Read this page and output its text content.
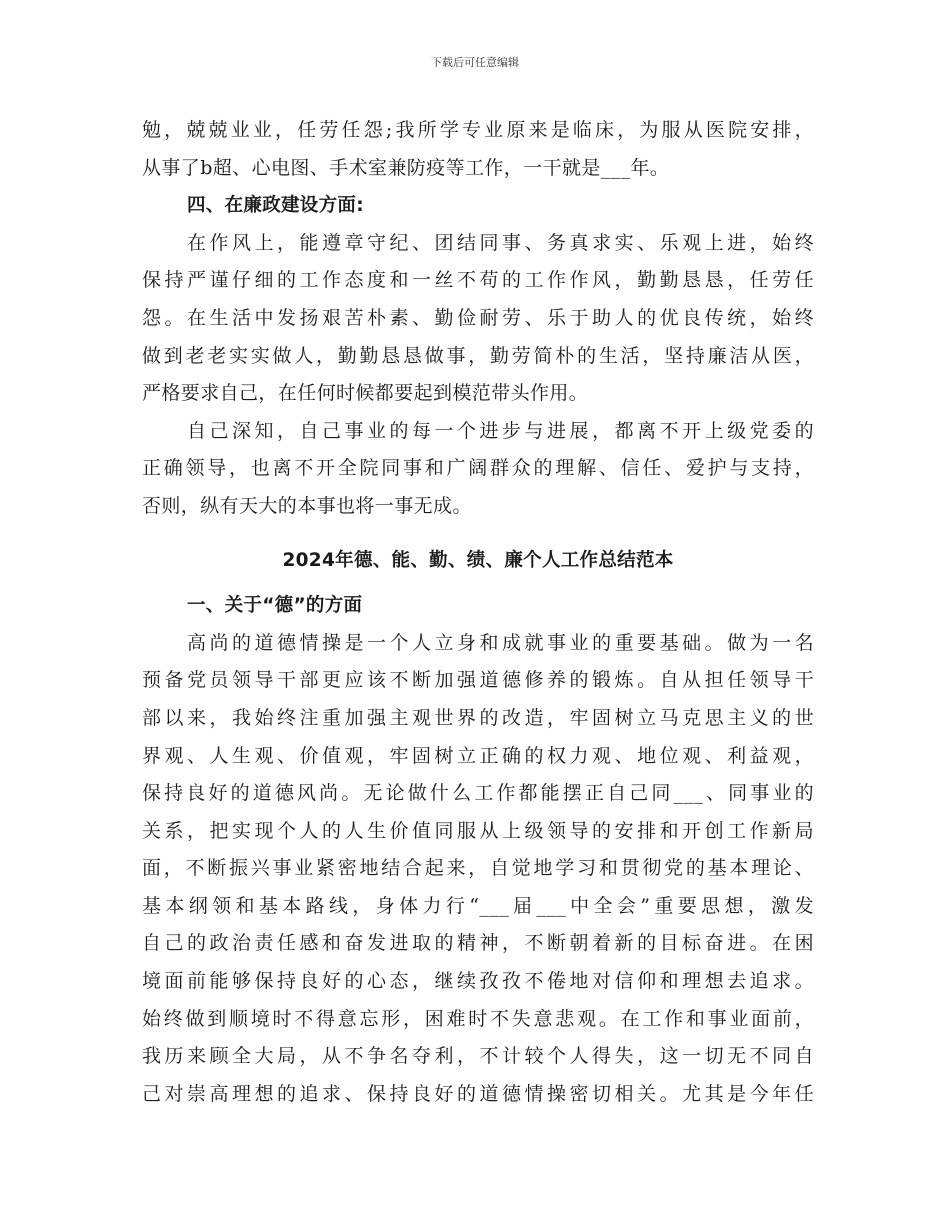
下载后可任意编辑
勉，兢兢业业，任劳任怨;我所学专业原来是临床，为服从医院安排，
从事了b超、心电图、手术室兼防疫等工作，一干就是___年。
四、在廉政建设方面:
在作风上，能遵章守纪、团结同事、务真求实、乐观上进，始终
保持严谨仔细的工作态度和一丝不苟的工作作风，勤勤恳恳，任劳任
怨。在生活中发扬艰苦朴素、勤俭耐劳、乐于助人的优良传统，始终
做到老老实实做人，勤勤恳恳做事，勤劳简朴的生活，坚持廉洁从医，
严格要求自己，在任何时候都要起到模范带头作用。
自己深知，自己事业的每一个进步与进展，都离不开上级党委的
正确领导，也离不开全院同事和广阔群众的理解、信任、爱护与支持，
否则，纵有天大的本事也将一事无成。
2024年德、能、勤、绩、廉个人工作总结范本
一、关于“德”的方面
高尚的道德情操是一个人立身和成就事业的重要基础。做为一名
预备党员领导干部更应该不断加强道德修养的锻炼。自从担任领导干
部以来，我始终注重加强主观世界的改造，牢固树立马克思主义的世
界观、人生观、价值观，牢固树立正确的权力观、地位观、利益观，
保持良好的道德风尚。无论做什么工作都能摆正自己同___、同事业的
关系，把实现个人的人生价值同服从上级领导的安排和开创工作新局
面，不断振兴事业紧密地结合起来，自觉地学习和贯彻党的基本理论、
基本纲领和基本路线，身体力行“___届___中全会”重要思想，激发
自己的政治责任感和奋发进取的精神，不断朝着新的目标奋进。在困
境面前能够保持良好的心态，继续孜孜不倦地对信仰和理想去追求。
始终做到顺境时不得意忘形，困难时不失意悲观。在工作和事业面前，
我历来顾全大局，从不争名夺利，不计较个人得失，这一切无不同自
己对崇高理想的追求、保持良好的道德情操密切相关。尤其是今年任
